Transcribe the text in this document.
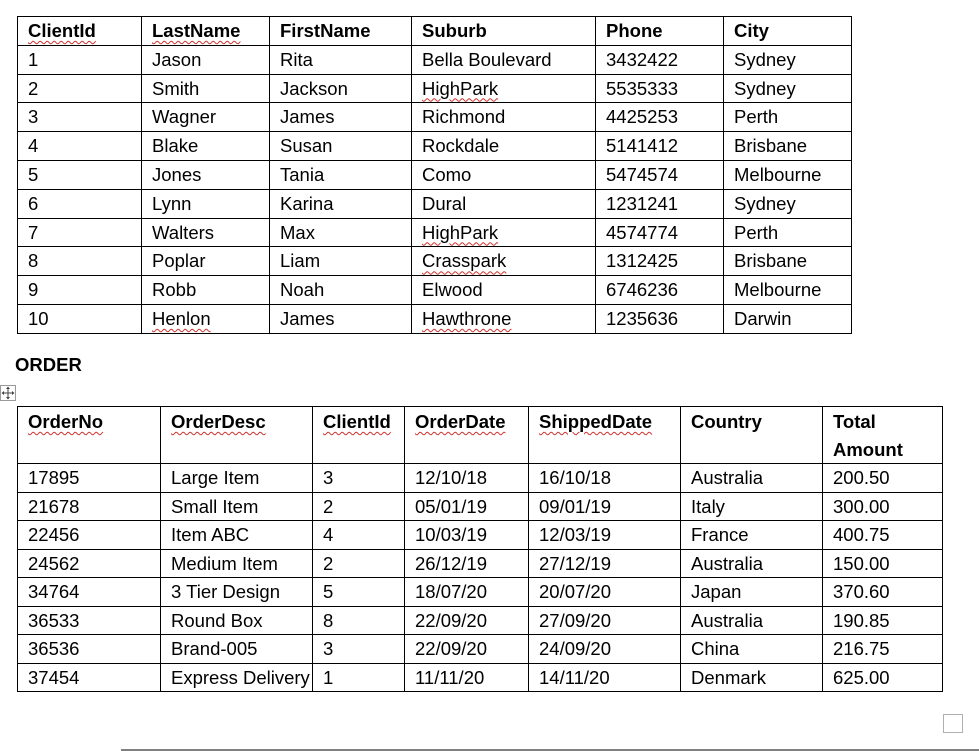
ClientId	LastName	FirstName	Suburb	Phone	City
1	Jason	Rita	Bella Boulevard	3432422	Sydney
2	Smith	Jackson	HighPark	5535333	Sydney
3	Wagner	James	Richmond	4425253	Perth
4	Blake	Susan	Rockdale	5141412	Brisbane
5	Jones	Tania	Como	5474574	Melbourne
6	Lynn	Karina	Dural	1231241	Sydney
7	Walters	Max	HighPark	4574774	Perth
8	Poplar	Liam	Crasspark	1312425	Brisbane
9	Robb	Noah	Elwood	6746236	Melbourne
10	Henlon	James	Hawthrone	1235636	Darwin

ORDER

OrderNo	OrderDesc	ClientId	OrderDate	ShippedDate	Country	Total Amount
17895	Large Item	3	12/10/18	16/10/18	Australia	200.50
21678	Small Item	2	05/01/19	09/01/19	Italy	300.00
22456	Item ABC	4	10/03/19	12/03/19	France	400.75
24562	Medium Item	2	26/12/19	27/12/19	Australia	150.00
34764	3 Tier Design	5	18/07/20	20/07/20	Japan	370.60
36533	Round Box	8	22/09/20	27/09/20	Australia	190.85
36536	Brand-005	3	22/09/20	24/09/20	China	216.75
37454	Express Delivery	1	11/11/20	14/11/20	Denmark	625.00
